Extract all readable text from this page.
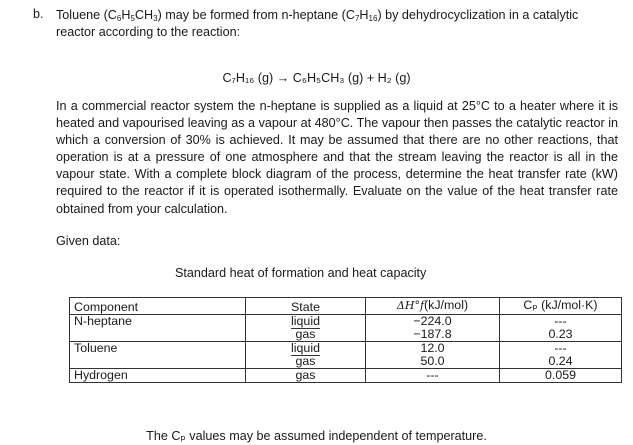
b. Toluene $(C_6H_5CH_3)$ may be formed from n-heptane $(C_7H_{16})$ by dehydrocyclization in a catalytic reactor according to the reaction:
C₇H₁₆ (g) → C₆H₅CH₃ (g) + H₂ (g)
In a commercial reactor system the n-heptane is supplied as a liquid at 25°C to a heater where it is heated and vapourised leaving as a vapour at 480°C. The vapour then passes the catalytic reactor in which a conversion of 30% is achieved. It may be assumed that there are no other reactions, that operation is at a pressure of one atmosphere and that the stream leaving the reactor is all in the vapour state. With a complete block diagram of the process, determine the heat transfer rate (kW) required to the reactor if it is operated isothermally. Evaluate on the value of the heat transfer rate obtained from your calculation.
Given data:
Standard heat of formation and heat capacity
Component	State	ΔH°f(kJ/mol)	Cₚ (kJ/mol·K)
N-heptane	liquid	−224.0	---
	gas	−187.8	0.23
Toluene	liquid	12.0	---
	gas	50.0	0.24
Hydrogen	gas	---	0.059
The Cₚ values may be assumed independent of temperature.
